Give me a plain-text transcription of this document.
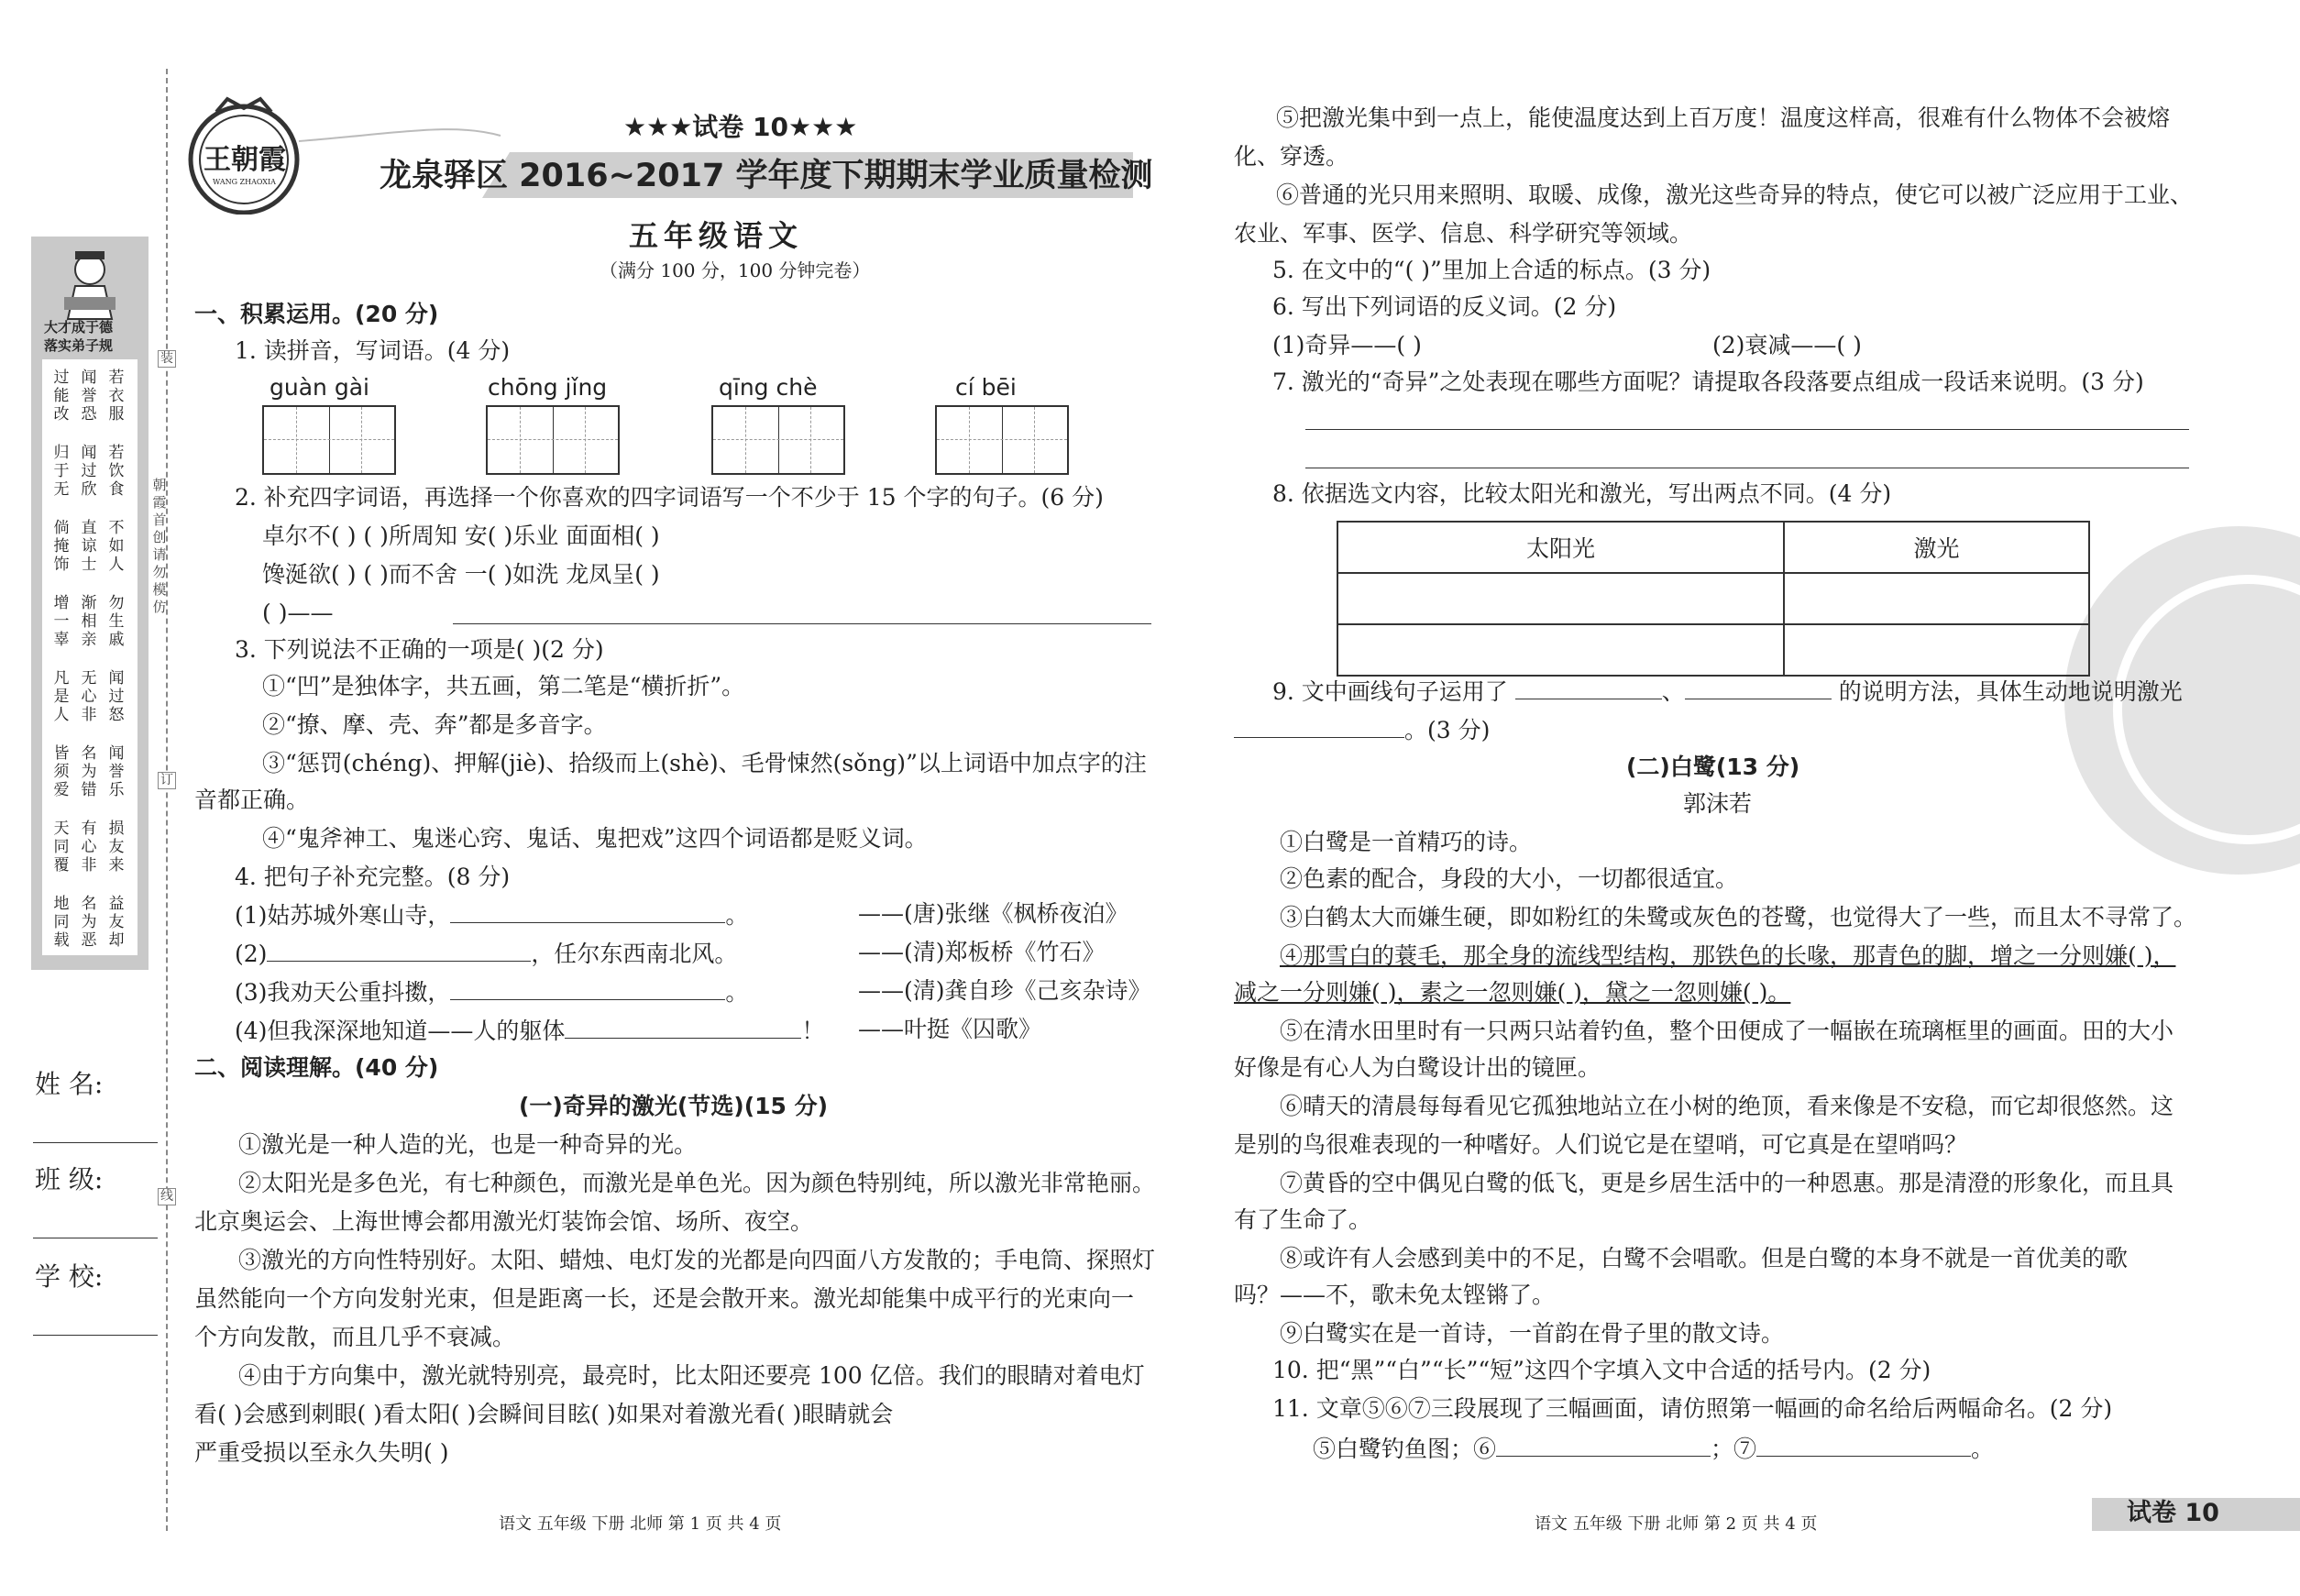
装
订
线
朝霞首创 请勿模仿
大才成于德
落实弟子规
过能改
归于无
倘掩饰
增一辜
凡是人
皆须爱
天同覆
地同载
闻誉恐
闻过欣
直谅士
渐相亲
无心非
名为错
有心非
名为恶
若衣服
若饮食
不如人
勿生戚
闻过怒
闻誉乐
损友来
益友却
姓 名:
班 级:
学 校:
王朝霞
WANG ZHAOXIA
★★★试卷 10★★★
龙泉驿区 2016~2017 学年度下期期末学业质量检测
五年级语文
（满分 100 分，100 分钟完卷）
一、积累运用。(20 分)
1. 读拼音，写词语。(4 分)
guàn gài	chōng jǐng	qīng chè	cí bēi
2. 补充四字词语，再选择一个你喜欢的四字词语写一个不少于 15 个字的句子。(6 分)
卓尔不( ) ( )所周知 安( )乐业 面面相( )
馋涎欲( ) ( )而不舍 一( )如洗 龙凤呈( )
( )——
3. 下列说法不正确的一项是( )(2 分)
①“凹”是独体字，共五画，第二笔是“横折折”。
②“撩、摩、壳、奔”都是多音字。
③“惩罚(chéng)、押解(jiè)、拾级而上(shè)、毛骨悚然(sǒng)”以上词语中加点字的注
音都正确。
④“鬼斧神工、鬼迷心窍、鬼话、鬼把戏”这四个词语都是贬义词。
4. 把句子补充完整。(8 分)
(1)姑苏城外寒山寺，	。	——(唐)张继《枫桥夜泊》
(2)	，任尔东西南北风。	——(清)郑板桥《竹石》
(3)我劝天公重抖擞，	。	——(清)龚自珍《己亥杂诗》
(4)但我深深地知道——人的躯体	！ ——叶挺《囚歌》
二、阅读理解。(40 分)
(一)奇异的激光(节选)(15 分)
①激光是一种人造的光，也是一种奇异的光。
②太阳光是多色光，有七种颜色，而激光是单色光。因为颜色特别纯，所以激光非常艳丽。
北京奥运会、上海世博会都用激光灯装饰会馆、场所、夜空。
③激光的方向性特别好。太阳、蜡烛、电灯发的光都是向四面八方发散的；手电筒、探照灯
虽然能向一个方向发射光束，但是距离一长，还是会散开来。激光却能集中成平行的光束向一
个方向发散，而且几乎不衰减。
④由于方向集中，激光就特别亮，最亮时，比太阳还要亮 100 亿倍。我们的眼睛对着电灯
看( )会感到刺眼( )看太阳( )会瞬间目眩( )如果对着激光看( )眼睛就会
严重受损以至永久失明( )
语文 五年级 下册 北师 第 1 页 共 4 页
⑤把激光集中到一点上，能使温度达到上百万度！温度这样高，很难有什么物体不会被熔
化、穿透。
⑥普通的光只用来照明、取暖、成像，激光这些奇异的特点，使它可以被广泛应用于工业、
农业、军事、医学、信息、科学研究等领域。
5. 在文中的“( )”里加上合适的标点。(3 分)
6. 写出下列词语的反义词。(2 分)
(1)奇异——( )	(2)衰减——( )
7. 激光的“奇异”之处表现在哪些方面呢？请提取各段落要点组成一段话来说明。(3 分)
8. 依据选文内容，比较太阳光和激光，写出两点不同。(4 分)
太阳光	激光

9. 文中画线句子运用了	、	的说明方法，具体生动地说明激光
。(3 分)
(二)白鹭(13 分)
郭沫若
①白鹭是一首精巧的诗。
②色素的配合，身段的大小，一切都很适宜。
③白鹤太大而嫌生硬，即如粉红的朱鹭或灰色的苍鹭，也觉得大了一些，而且太不寻常了。
④那雪白的蓑毛，那全身的流线型结构，那铁色的长喙，那青色的脚，增之一分则嫌( )，
减之一分则嫌( )，素之一忽则嫌( )，黛之一忽则嫌( )。
⑤在清水田里时有一只两只站着钓鱼，整个田便成了一幅嵌在琉璃框里的画面。田的大小
好像是有心人为白鹭设计出的镜匣。
⑥晴天的清晨每每看见它孤独地站立在小树的绝顶，看来像是不安稳，而它却很悠然。这
是别的鸟很难表现的一种嗜好。人们说它是在望哨，可它真是在望哨吗？
⑦黄昏的空中偶见白鹭的低飞，更是乡居生活中的一种恩惠。那是清澄的形象化，而且具
有了生命了。
⑧或许有人会感到美中的不足，白鹭不会唱歌。但是白鹭的本身不就是一首优美的歌
吗？——不，歌未免太铿锵了。
⑨白鹭实在是一首诗，一首韵在骨子里的散文诗。
10. 把“黑”“白”“长”“短”这四个字填入文中合适的括号内。(2 分)
11. 文章⑤⑥⑦三段展现了三幅画面，请仿照第一幅画的命名给后两幅命名。(2 分)
⑤白鹭钓鱼图；⑥	；⑦	。
语文 五年级 下册 北师 第 2 页 共 4 页	试卷 10
